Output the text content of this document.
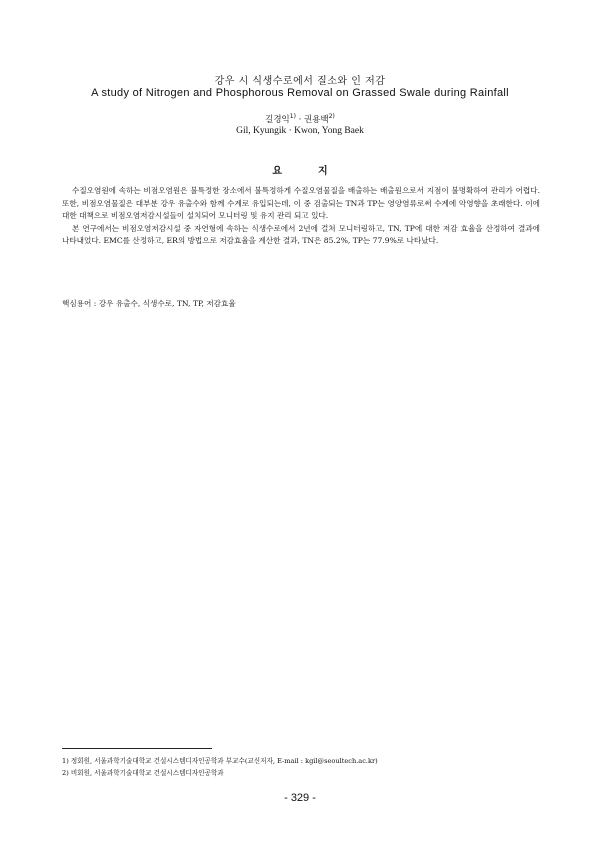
강우 시 식생수로에서 질소와 인 저감
A study of Nitrogen and Phosphorous Removal on Grassed Swale during Rainfall
길경익$^{1)}$ · 권용백$^{2)}$
Gil, Kyungik · Kwon, Yong Baek
요	지

수질오염원에 속하는 비점오염원은 불특정한 장소에서 불특정하게 수질오염물질을 배출하는 배출원으로서 지점이 불명확하여 관리가 어렵다. 또한, 비점오염물질은 대부분 강우 유출수와 함께 수계로 유입되는데, 이 중 검출되는 TN과 TP는 영양염류로써 수계에 악영향을 초래한다. 이에 대한 대책으로 비점오염저감시설들이 설치되어 모니터링 및 유지 관리 되고 있다.

본 연구에서는 비점오염저감시설 중 자연형에 속하는 식생수로에서 2년에 걸쳐 모니터링하고, TN, TP에 대한 저감 효율을 산정하여 결과에 나타내었다. EMC를 산정하고, ER의 방법으로 저감효율을 계산한 결과, TN은 85.2%, TP는 77.9%로 나타났다.

핵심용어 : 강우 유출수, 식생수로, TN, TP, 저감효율
1) 정회원, 서울과학기술대학교 건설시스템디자인공학과 부교수(교신저자, E-mail : kgil@seoultech.ac.kr)
2) 비회원, 서울과학기술대학교 건설시스템디자인공학과
- 329 -
